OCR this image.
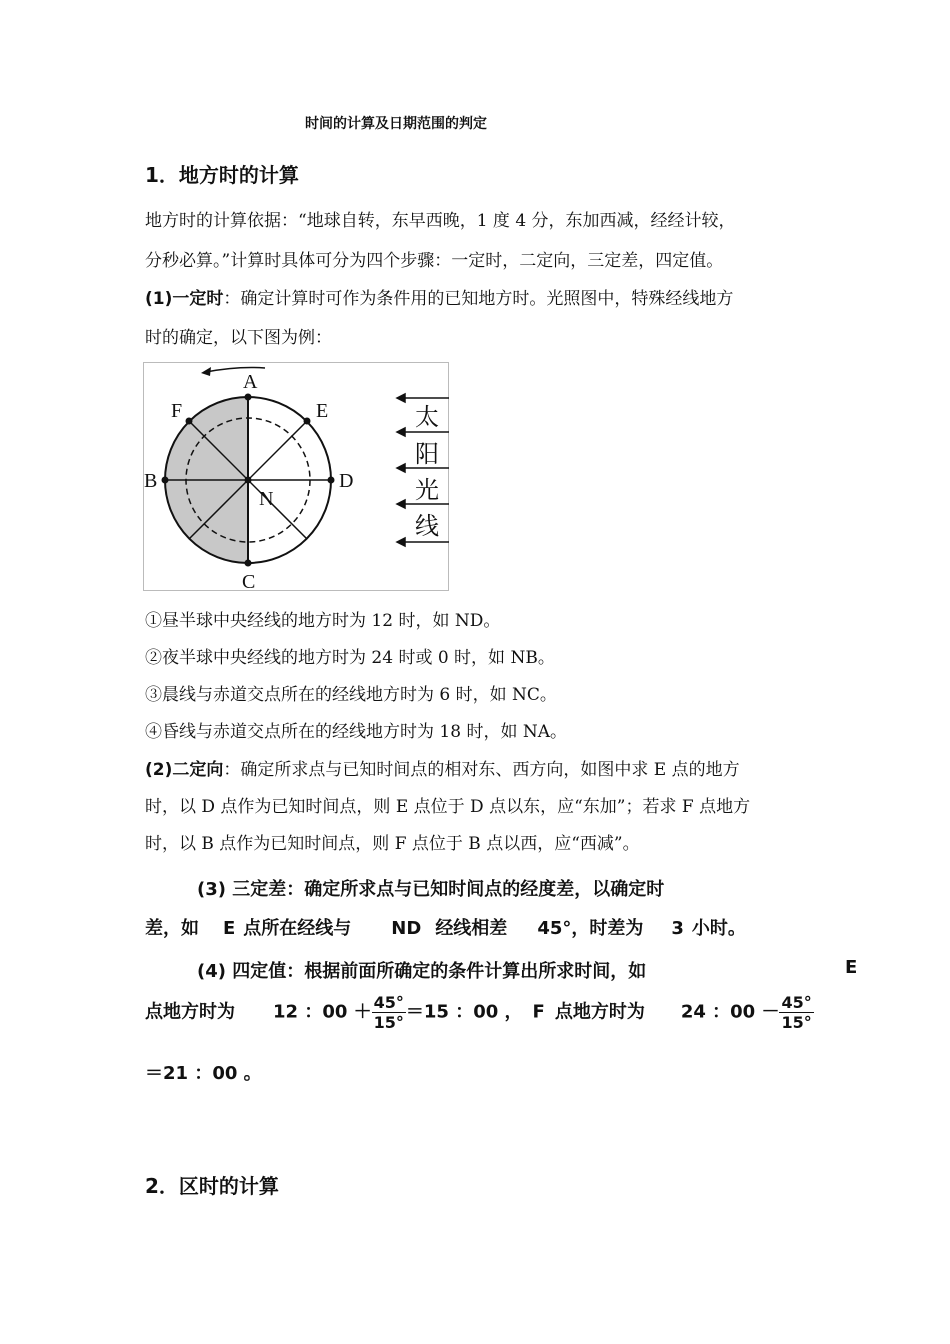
时间的计算及日期范围的判定
1．地方时的计算
地方时的计算依据：“地球自转，东早西晚，1 度 4 分，东加西减，经经计较，
分秒必算。”计算时具体可分为四个步骤：一定时，二定向，三定差，四定值。
(1)一定时：确定计算时可作为条件用的已知地方时。光照图中，特殊经线地方
时的确定，以下图为例：
A
B
C
D
E
F
N
太
阳
光
线
①昼半球中央经线的地方时为 12 时，如 ND。
②夜半球中央经线的地方时为 24 时或 0 时，如 NB。
③晨线与赤道交点所在的经线地方时为 6 时，如 NC。
④昏线与赤道交点所在的经线地方时为 18 时，如 NA。
(2)二定向：确定所求点与已知时间点的相对东、西方向，如图中求 E 点的地方
时，以 D 点作为已知时间点，则 E 点位于 D 点以东，应“东加”；若求 F 点地方
时，以 B 点作为已知时间点，则 F 点位于 B 点以西，应“西减”。
(3) 三定差：确定所求点与已知时间点的经度差，以确定时
差，如 E 点所在经线与 ND 经线相差 45°，时差为 3 小时。
(4) 四定值：根据前面所确定的条件计算出所求时间，如	E
点地方时为 12 ：$00 + \frac{45^\circ}{15^\circ} =15$ ：00 ， F 点地方时为 24 ：$00 - \frac{45^\circ}{15^\circ}$
＝21 ：00 。
2．区时的计算
